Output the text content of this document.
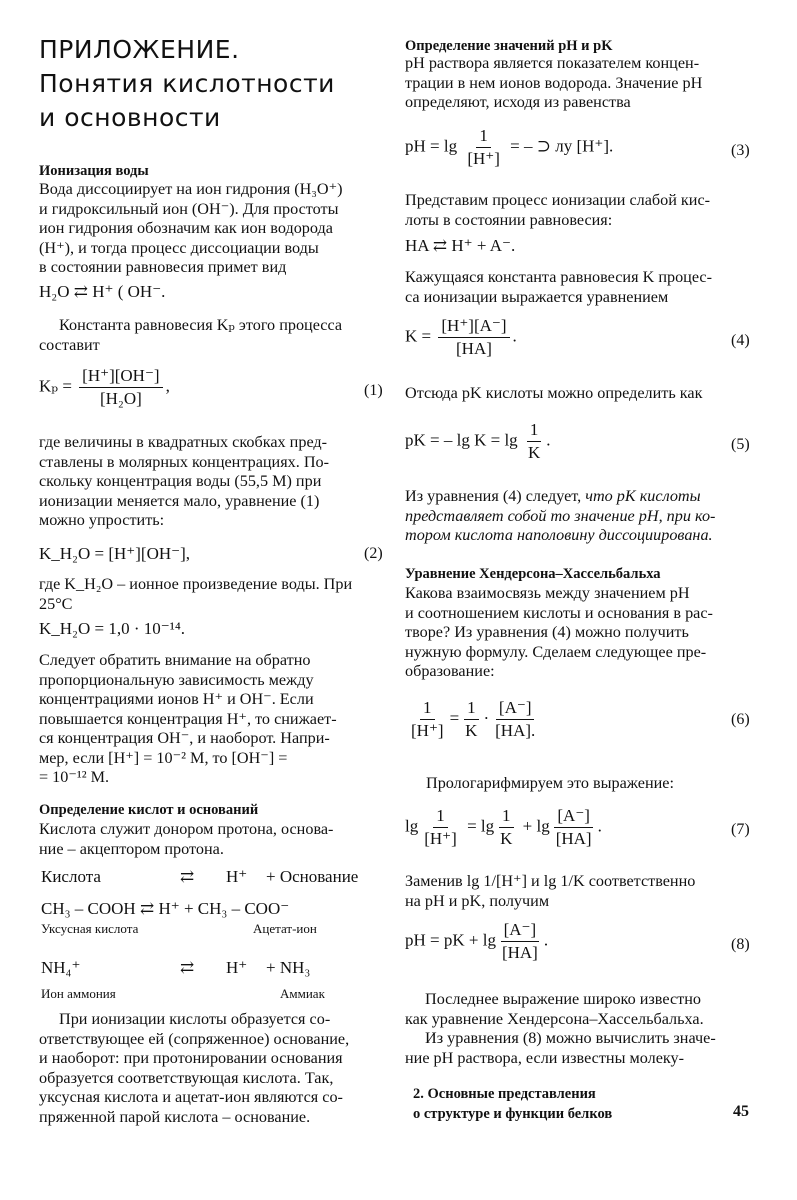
ПРИЛОЖЕНИЕ.
Понятия кислотности
и основности
Ионизация воды
Вода диссоциирует на ион гидрония (H₃O⁺)
и гидроксильный ион (OH⁻). Для простоты
ион гидрония обозначим как ион водорода
(H⁺), и тогда процесс диссоциации воды
в состоянии равновесия примет вид
H₂O ⇄ H⁺ ( OH⁻.
Константа равновесия Kₚ этого процесса
составит
$K_p = \frac{[H^+][OH^-]}{\text{[H₂O]}}$ ,	(1)
где величины в квадратных скобках пред-
ставлены в молярных концентрациях. По-
скольку концентрация воды (55,5 M) при
ионизации меняется мало, уравнение (1)
можно упростить:
K_H₂O = [H⁺][OH⁻],	(2)
где K_H₂O – ионное произведение воды. При
25°C
K_H₂O = 1,0 · 10⁻¹⁴.
Следует обратить внимание на обратно
пропорциональную зависимость между
концентрациями ионов H⁺ и OH⁻. Если
повышается концентрация H⁺, то снижает-
ся концентрация OH⁻, и наоборот. Напри-
мер, если [H⁺] = 10⁻² M, то [OH⁻] =
= 10⁻¹² M.
Определение кислот и оснований
Кислота служит донором протона, основа-
ние – акцептором протона.
Кислота	⇄ H⁺ + Основание
CH₃ – COOH ⇄ H⁺ + CH₃ – COO⁻
Уксусная кислота	Ацетат-ион
NH₄⁺	⇄ H⁺ + NH₃
Ион аммония	Аммиак
При ионизации кислоты образуется со-
ответствующее ей (сопряженное) основание,
и наоборот: при протонировании основания
образуется соответствующая кислота. Так,
уксусная кислота и ацетат-ион являются со-
пряженной парой кислота – основание.
Определение значений pH и pK
pH раствора является показателем концен-
трации в нем ионов водорода. Значение pH
определяют, исходя из равенства
pH = $\lg \frac{1}{[H^+]}$ = – ⊃ лу [H⁺].	(3)
Представим процесс ионизации слабой кис-
лоты в состоянии равновесия:
HA ⇄ H⁺ + A⁻.
Кажущаяся константа равновесия K процес-
са ионизации выражается уравнением
$K = \frac{[H^+][A^-]}{[HA]}$ .	(4)
Отсюда pK кислоты можно определить как
pK = – $\lg K = \lg \frac{1}{K}$ .	(5)
Из уравнения (4) следует, что pK кислоты
представляет собой то значение pH, при ко-
тором кислота наполовину диссоциирована.
Уравнение Хендерсона–Хассельбальха
Какова взаимосвязь между значением pH
и соотношением кислоты и основания в рас-
творе? Из уравнения (4) можно получить
нужную формулу. Сделаем следующее пре-
образование:
$\frac{1}{[H^+]} = \frac{1}{K} \cdot \frac{[A^-]}{[HA].}$	(6)
Прологарифмируем это выражение:
$\lg \frac{1}{[H^+]} = \lg \frac{1}{K} + \lg \frac{[A^-]}{[HA]}$ .	(7)
Заменив lg 1/[H⁺] и lg 1/K соответственно
на pH и pK, получим
pH = pK + $\lg \frac{[A^-]}{[HA]}$ .	(8)
Последнее выражение широко известно
как уравнение Хендерсона–Хассельбальха.
Из уравнения (8) можно вычислить значе-
ние pH раствора, если известны молеку-
2. Основные представления
о структуре и функции белков	45
